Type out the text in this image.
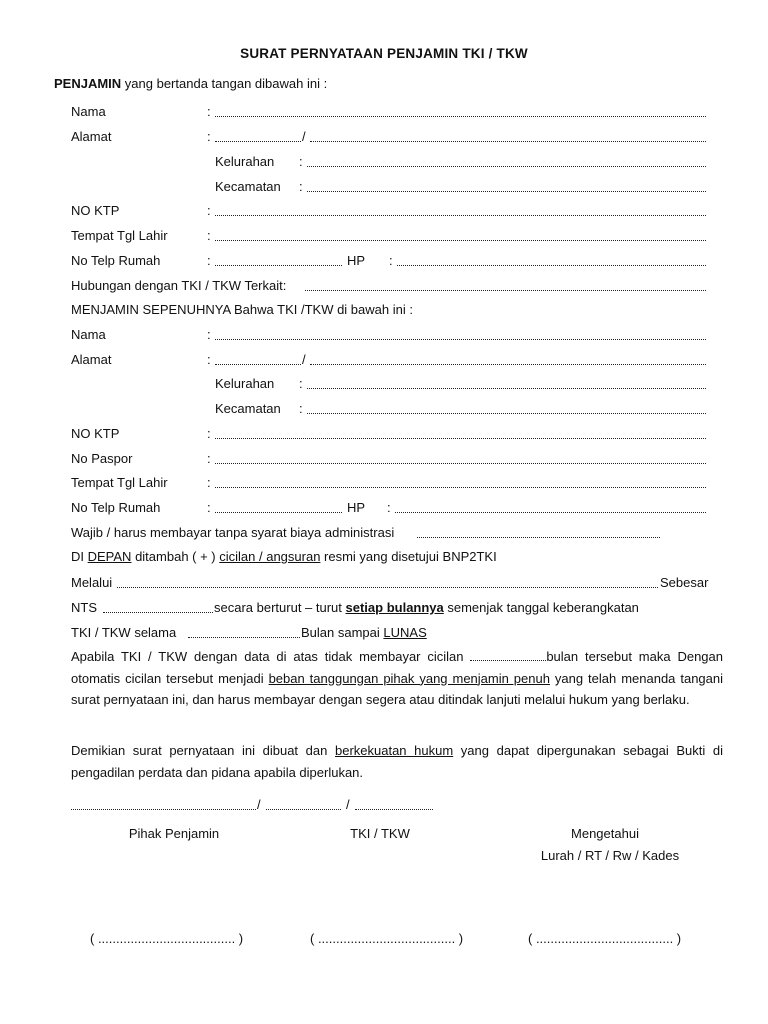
SURAT PERNYATAAN PENJAMIN TKI / TKW
PENJAMIN yang bertanda tangan dibawah ini :
Nama	:
Alamat	:	/
Kelurahan :
Kecamatan :
NO KTP	:
Tempat Tgl Lahir	:
No Telp Rumah	:	HP :
Hubungan dengan TKI / TKW Terkait:
MENJAMIN SEPENUHNYA Bahwa TKI /TKW di bawah ini :
Nama	:
Alamat	:	/
Kelurahan :
Kecamatan :
NO KTP	:
No Paspor	:
Tempat Tgl Lahir	:
No Telp Rumah	:	HP :
Wajib / harus membayar tanpa syarat biaya administrasi
DI DEPAN ditambah ( + ) cicilan / angsuran resmi yang disetujui BNP2TKI
Melalui	Sebesar
NTS	secara berturut – turut setiap bulannya semenjak tanggal keberangkatan
TKI / TKW selama	Bulan sampai LUNAS
Apabila TKI / TKW dengan data di atas tidak membayar cicilan	bulan tersebut maka Dengan otomatis cicilan tersebut menjadi beban tanggungan pihak yang menjamin penuh yang telah menanda tangani surat pernyataan ini, dan harus membayar dengan segera atau ditindak lanjuti melalui hukum yang berlaku.
Demikian surat pernyataan ini dibuat dan berkekuatan hukum yang dapat dipergunakan sebagai Bukti di pengadilan perdata dan pidana apabila diperlukan.
/	/
Pihak Penjamin	TKI / TKW	Mengetahui
Lurah / RT / Rw / Kades
( ...................................... )	( ...................................... )	( ...................................... )
